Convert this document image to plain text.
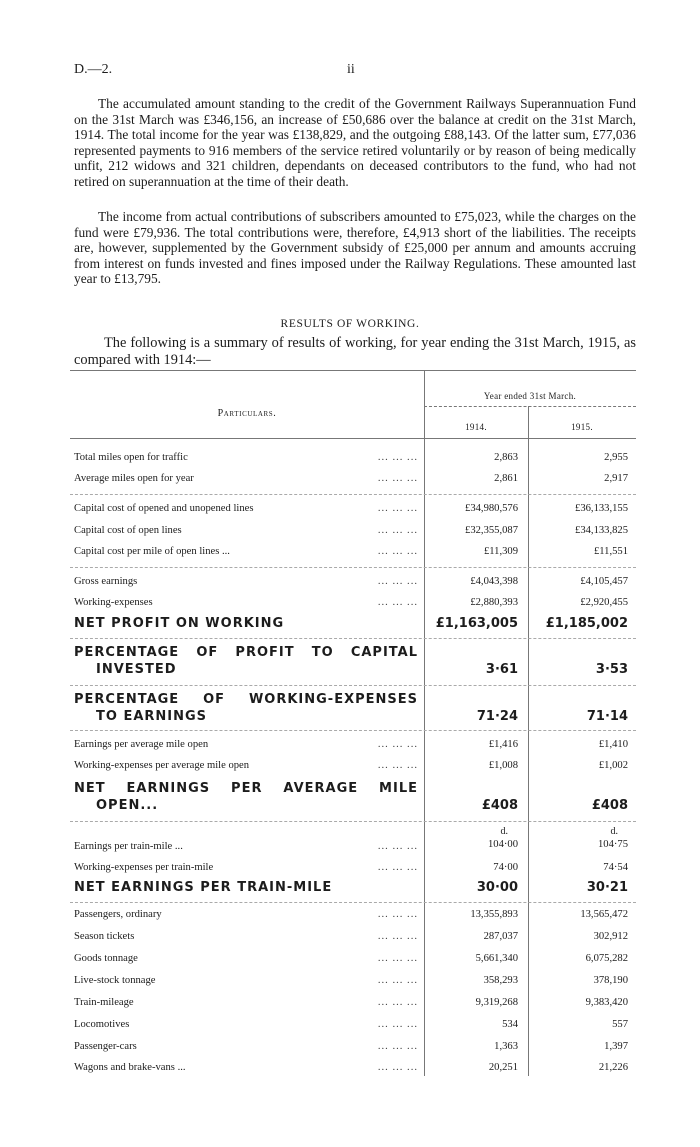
D.—2.	ii

The accumulated amount standing to the credit of the Government Railways Superannuation Fund on the 31st March was £346,156, an increase of £50,686 over the balance at credit on the 31st March, 1914. The total income for the year was £138,829, and the outgoing £88,143. Of the latter sum, £77,036 represented payments to 916 members of the service retired voluntarily or by reason of being medically unfit, 212 widows and 321 children, dependants on deceased contributors to the fund, who had not retired on superannuation at the time of their death.

The income from actual contributions of subscribers amounted to £75,023, while the charges on the fund were £79,936. The total contributions were, therefore, £4,913 short of the liabilities. The receipts are, however, supplemented by the Government subsidy of £25,000 per annum and amounts accruing from interest on funds invested and fines imposed under the Railway Regulations. These amounted last year to £13,795.

RESULTS OF WORKING.

The following is a summary of results of working, for year ending the 31st March, 1915, as compared with 1914:—

Particulars.
Year ended 31st March.
1914.	1915.
Total miles open for traffic	... ... ...	2,863	2,955
Average miles open for year	... ... ...	2,861	2,917
Capital cost of opened and unopened lines	... ... ...	£34,980,576	£36,133,155
Capital cost of open lines	... ... ...	£32,355,087	£34,133,825
Capital cost per mile of open lines ...	... ... ...	£11,309	£11,551
Gross earnings	... ... ...	£4,043,398	£4,105,457
Working-expenses	... ... ...	£2,880,393	£2,920,455
NET PROFIT ON WORKING	£1,163,005	£1,185,002
PERCENTAGE OF PROFIT TO CAPITAL
INVESTED	3·61	3·53
PERCENTAGE OF WORKING-EXPENSES
TO EARNINGS	71·24	71·14
Earnings per average mile open	... ... ...	£1,416	£1,410
Working-expenses per average mile open	... ... ...	£1,008	£1,002
NET EARNINGS PER AVERAGE MILE
OPEN...	£408	£408
d.	d.
Earnings per train-mile ...	... ... ...	104·00	104·75
Working-expenses per train-mile	... ... ...	74·00	74·54
NET EARNINGS PER TRAIN-MILE	30·00	30·21
Passengers, ordinary	... ... ...	13,355,893	13,565,472
Season tickets	... ... ...	287,037	302,912
Goods tonnage	... ... ...	5,661,340	6,075,282
Live-stock tonnage	... ... ...	358,293	378,190
Train-mileage	... ... ...	9,319,268	9,383,420
Locomotives	... ... ...	534	557
Passenger-cars	... ... ...	1,363	1,397
Wagons and brake-vans ...	... ... ...	20,251	21,226
